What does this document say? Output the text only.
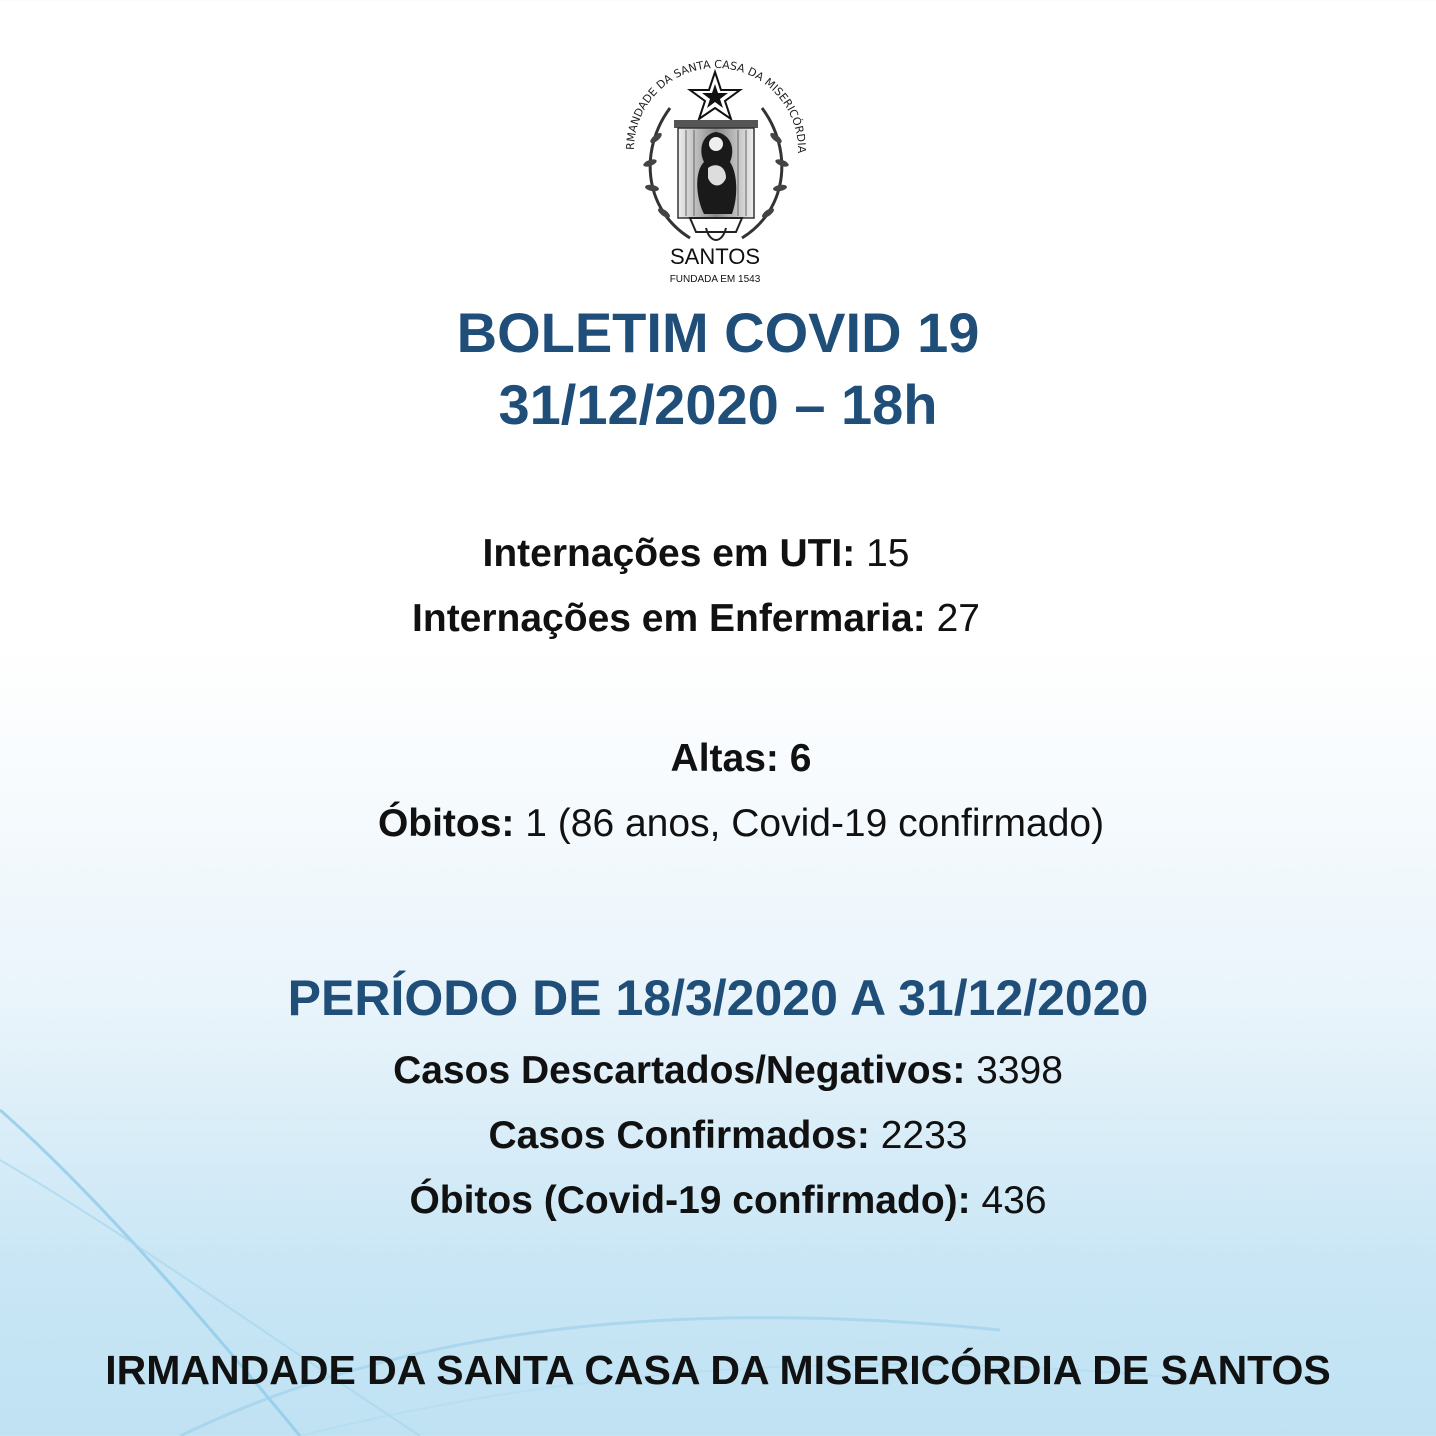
RMANDADE DA SANTA CASA DA MISERICÓRDIA
SANTOS
FUNDADA EM 1543
BOLETIM COVID 19
31/12/2020 – 18h
Internações em UTI: 15
Internações em Enfermaria: 27
Altas: 6
Óbitos: 1 (86 anos, Covid-19 confirmado)
PERÍODO DE 18/3/2020 A 31/12/2020
Casos Descartados/Negativos: 3398
Casos Confirmados: 2233
Óbitos (Covid-19 confirmado): 436
IRMANDADE DA SANTA CASA DA MISERICÓRDIA DE SANTOS
